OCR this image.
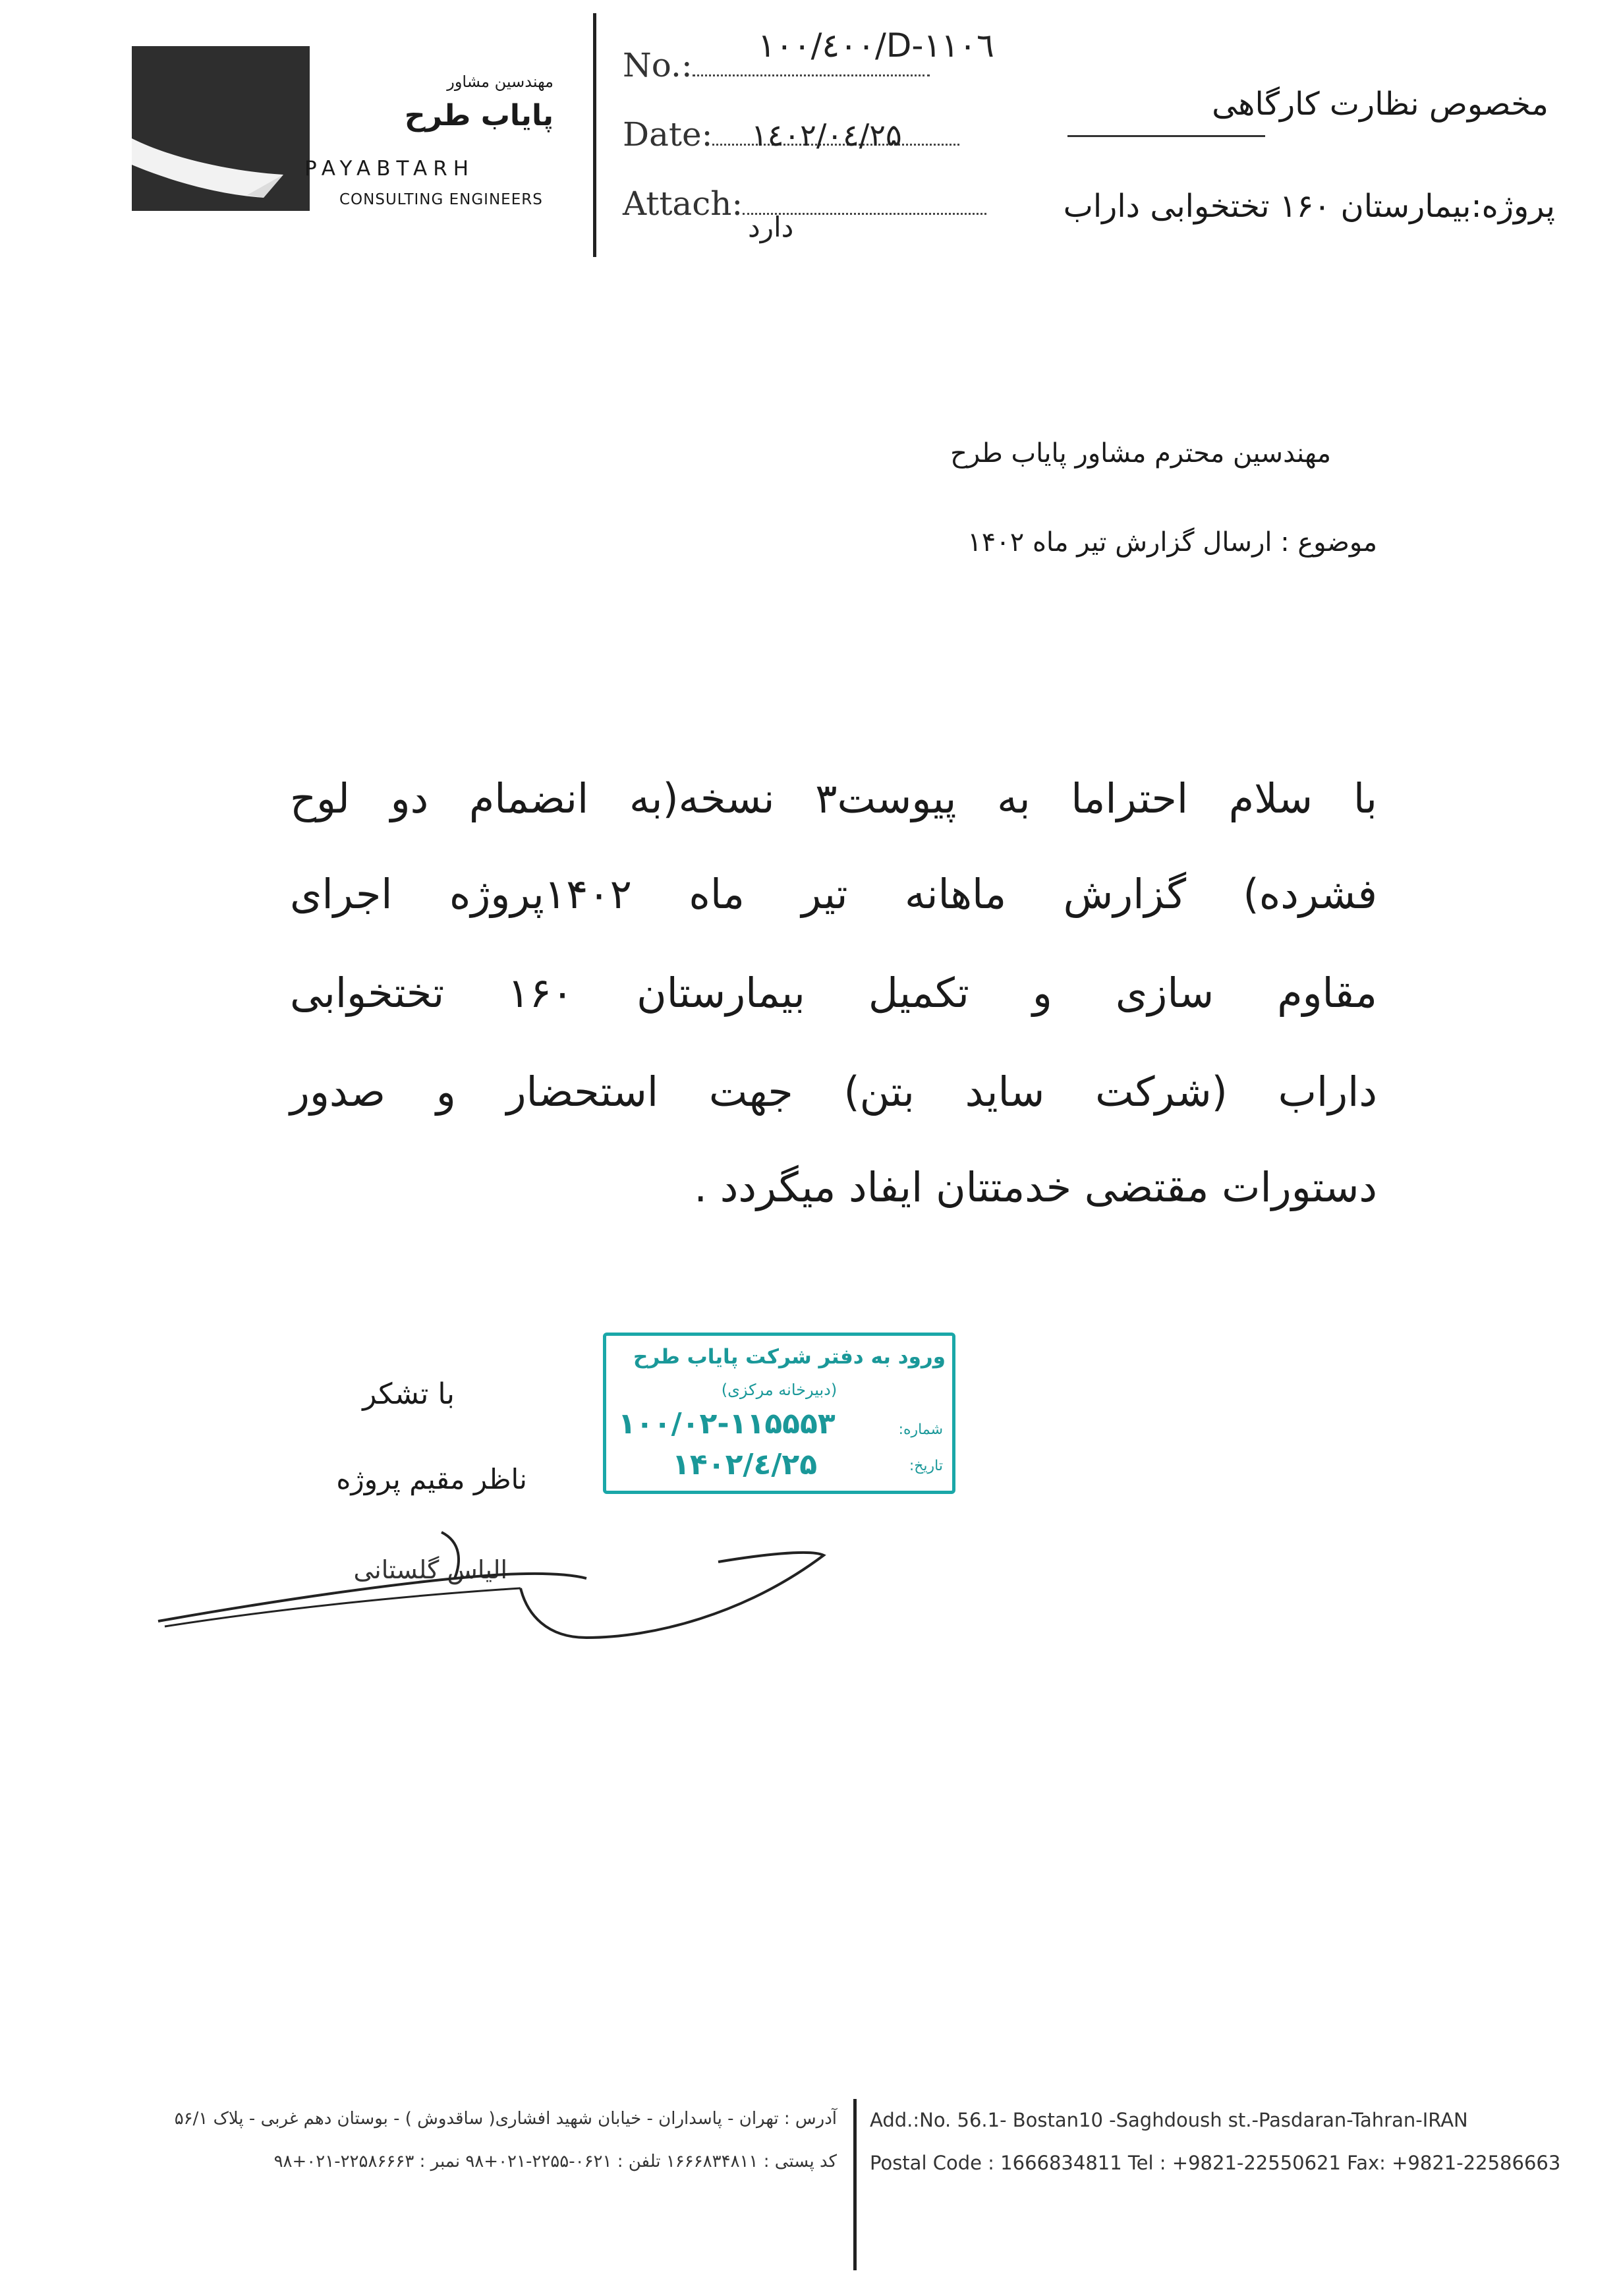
مهندسین مشاور
پایاب طرح
PAYABTARH
CONSULTING ENGINEERS
No.:
۱۰۰/٤۰۰/D-۱۱۰٦
Date:	۱٤۰۲/۰٤/۲۵
Attach:
دارد
مخصوص نظارت کارگاهی
پروژه:بیمارستان ۱۶۰ تختخوابی داراب
مهندسین محترم مشاور پایاب طرح
موضوع : ارسال گزارش تیر ماه ۱۴۰۲
با سلام احتراما به پیوست۳ نسخه(به انضمام دو لوح
فشرده) گزارش ماهانه تیر ماه ۱۴۰۲پروژه اجرای
مقاوم سازی و تکمیل بیمارستان ۱۶۰ تختخوابی
داراب (شرکت ساید بتن) جهت استحضار و صدور
دستورات مقتضی خدمتتان ایفاد میگردد .
ورود به دفتر شرکت پایاب طرح
(دبیرخانه مرکزی)
شماره:
تاریخ:
۱۰۰/۰۲-۱۱۵۵۵۳
۱۴۰۲/٤/۲۵
با تشکر
ناظر مقیم پروژه
الیاس گلستانی
آدرس : تهران - پاسداران - خیابان شهید افشاری( ساقدوش ) - بوستان دهم غربی - پلاک ۵۶/۱
کد پستی : ۱۶۶۶۸۳۴۸۱۱ تلفن : ۰۶۲۱-۲۲۵۵-۰۲۱+۹۸ نمبر : ۲۲۵۸۶۶۶۳-۰۲۱+۹۸
Add.:No. 56.1- Bostan10 -Saghdoush st.-Pasdaran-Tahran-IRAN
Postal Code : 1666834811 Tel : +9821-22550621 Fax: +9821-22586663
